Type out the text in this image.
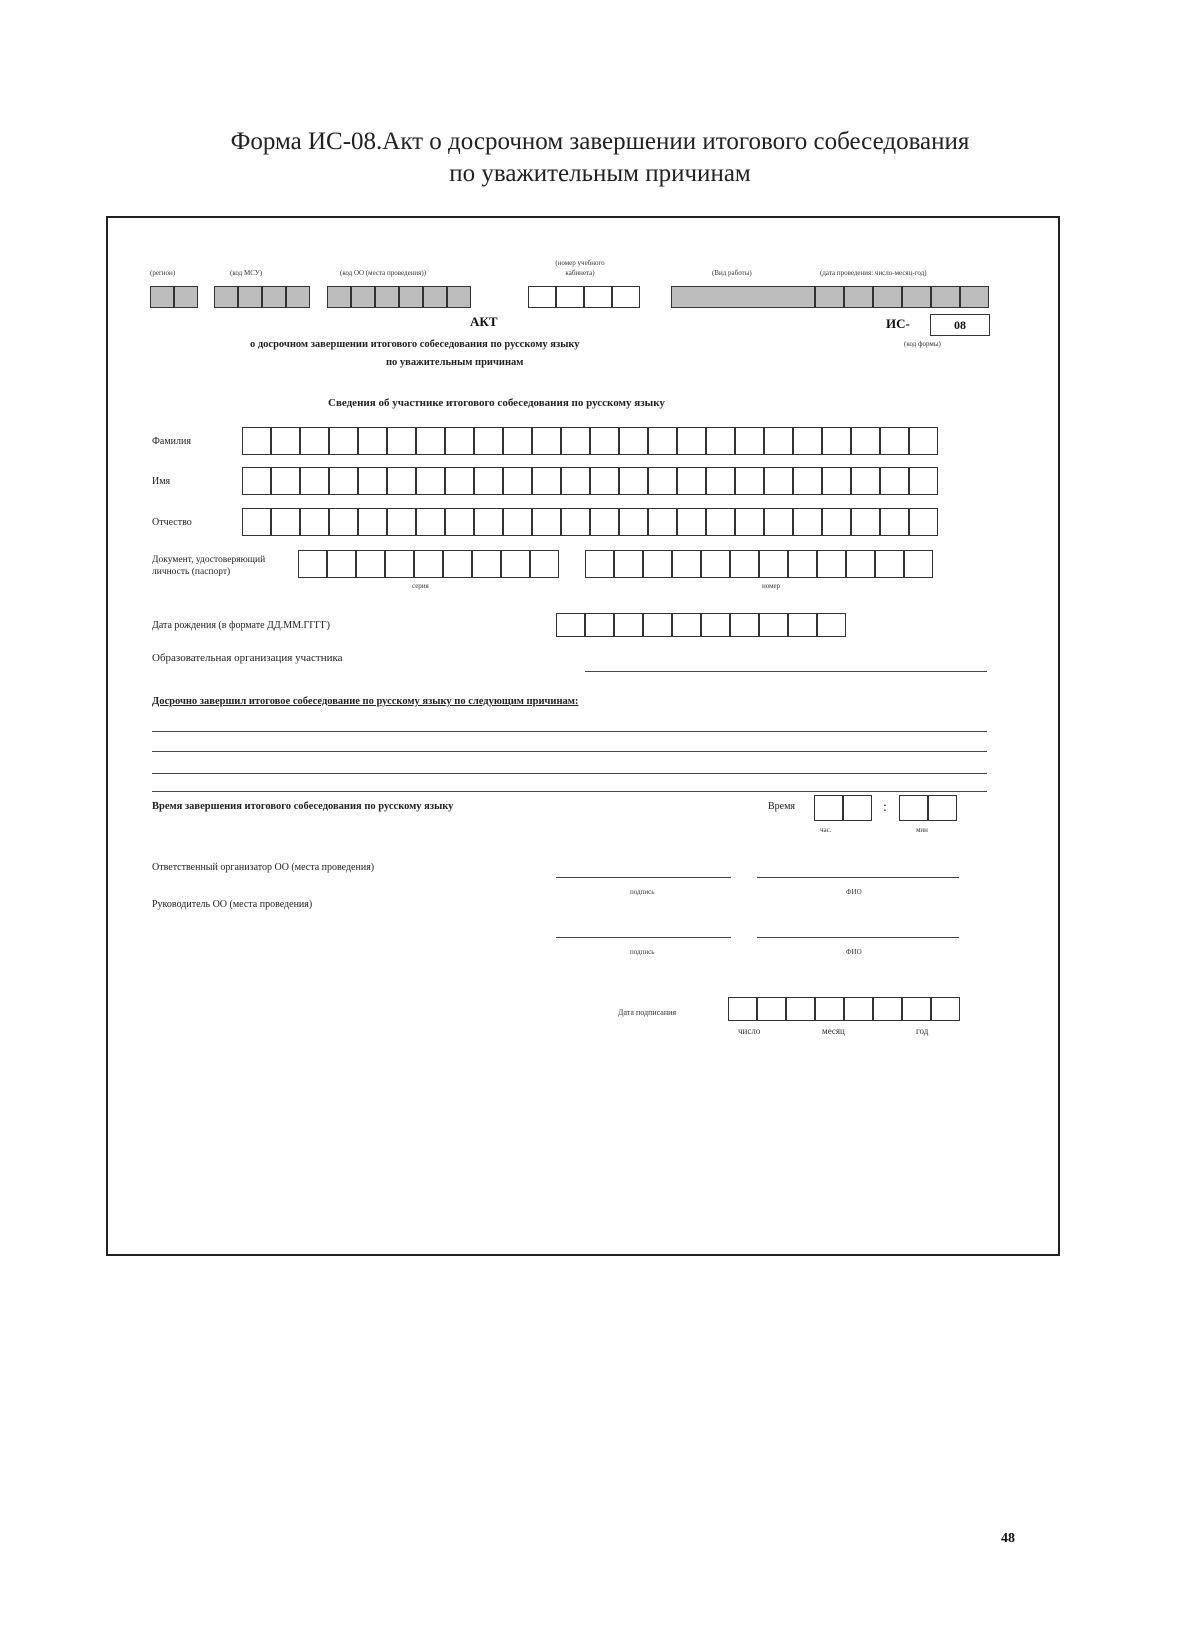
Форма ИС-08.Акт о досрочном завершении итогового собеседования
по уважительным причинам
(регион)	(код МСУ)	(код ОО (места проведения))
(номер учебного кабинета)	(Вид работы)	(дата проведения: число-месяц-год)
АКТ
о досрочном завершении итогового собеседования по русскому языку
по уважительным причинам
ИС-	08
(код формы)
Сведения об участнике итогового собеседования по русскому языку
Фамилия
Имя
Отчество
Документ, удостоверяющий личность (паспорт)
серия	номер
Дата рождения (в формате ДД.ММ.ГГГГ)
Образовательная организация участника
Досрочно завершил итоговое собеседование по русскому языку по следующим причинам:
Время завершения итогового собеседования по русскому языку	Время	:
час.	мин
Ответственный организатор ОО (места проведения)
подпись	ФИО
Руководитель ОО (места проведения)
подпись	ФИО
Дата подписания
число	месяц	год
48
